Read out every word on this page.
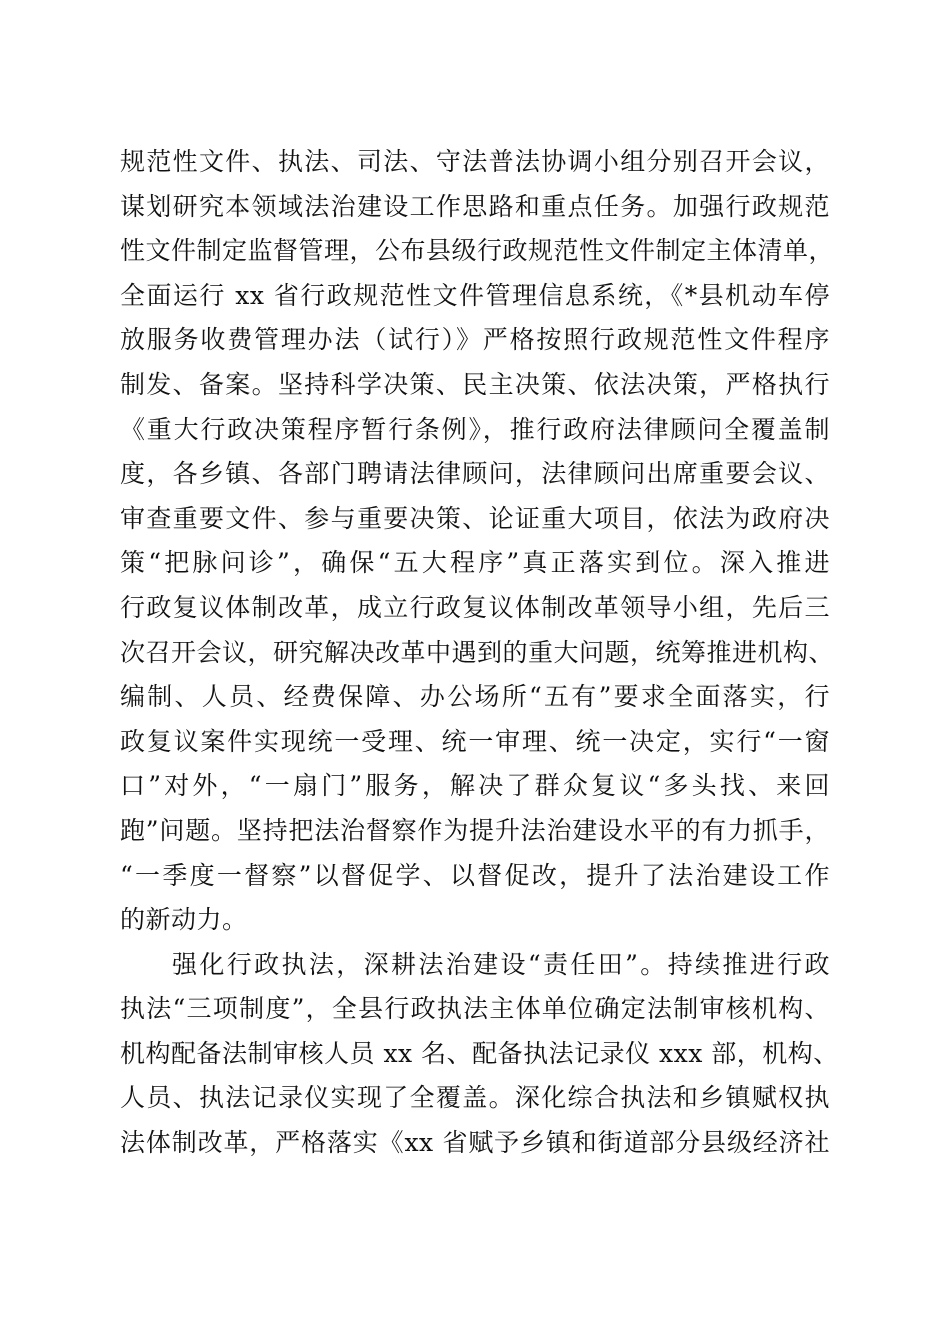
规范性文件、执法、司法、守法普法协调小组分别召开会议，
谋划研究本领域法治建设工作思路和重点任务。加强行政规范
性文件制定监督管理，公布县级行政规范性文件制定主体清单，
全面运行 xx 省行政规范性文件管理信息系统，《*县机动车停
放服务收费管理办法（试行）》严格按照行政规范性文件程序
制发、备案。坚持科学决策、民主决策、依法决策，严格执行
《重大行政决策程序暂行条例》，推行政府法律顾问全覆盖制
度，各乡镇、各部门聘请法律顾问，法律顾问出席重要会议、
审查重要文件、参与重要决策、论证重大项目，依法为政府决
策“把脉问诊”，确保“五大程序”真正落实到位。深入推进
行政复议体制改革，成立行政复议体制改革领导小组，先后三
次召开会议，研究解决改革中遇到的重大问题，统筹推进机构、
编制、人员、经费保障、办公场所“五有”要求全面落实，行
政复议案件实现统一受理、统一审理、统一决定，实行“一窗
口”对外，“一扇门”服务，解决了群众复议“多头找、来回
跑”问题。坚持把法治督察作为提升法治建设水平的有力抓手，
“一季度一督察”以督促学、以督促改，提升了法治建设工作
的新动力。
强化行政执法，深耕法治建设“责任田”。持续推进行政
执法“三项制度”，全县行政执法主体单位确定法制审核机构、
机构配备法制审核人员 xx 名、配备执法记录仪 xxx 部，机构、
人员、执法记录仪实现了全覆盖。深化综合执法和乡镇赋权执
法体制改革，严格落实《xx 省赋予乡镇和街道部分县级经济社
